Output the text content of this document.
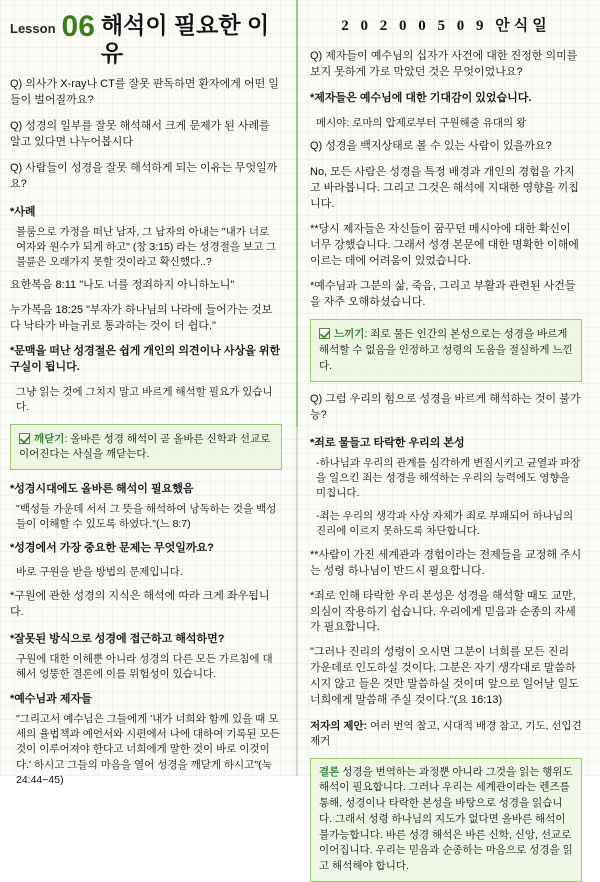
Lesson 06 해석이 필요한 이유

Q) 의사가 X-ray나 CT를 잘못 판독하면 환자에게 어떤 일들이 벌어질까요?

Q) 성경의 일부를 잘못 해석해서 크게 문제가 된 사례를 알고 있다면 나누어봅시다

Q) 사람들이 성경을 잘못 해석하게 되는 이유는 무엇일까요?

*사례

볼룸으로 가정을 떠난 남자, 그 남자의 아내는 "내가 너로 여자와 원수가 되게 하고" (창 3:15) 라는 성경절을 보고 그 불륜은 오래가지 못할 것이라고 확신했다..?

요한복음 8:11 "나도 너를 정죄하지 아니하노니"

누가복음 18:25 "부자가 하나님의 나라에 들어가는 것보다 낙타가 바늘귀로 통과하는 것이 더 쉽다."

*문맥을 떠난 성경절은 쉽게 개인의 의견이나 사상을 위한 구실이 됩니다.

그냥 읽는 것에 그치지 말고 바르게 해석할 필요가 있습니다.

깨닫기: 올바른 성경 해석이 곧 올바른 신학과 선교로 이어진다는 사실을 깨닫는다.

*성경시대에도 올바른 해석이 필요했음

"백성들 가운데 서서 그 뜻을 해석하여 낭독하는 것을 백성들이 이해할 수 있도록 하였다."(느 8:7)

*성경에서 가장 중요한 문제는 무엇일까요?

바로 구원을 받을 방법의 문제입니다.

*구원에 관한 성경의 지식은 해석에 따라 크게 좌우됩니다.

*잘못된 방식으로 성경에 접근하고 해석하면?

구원에 대한 이해뿐 아니라 성경의 다른 모든 가르침에 대해서 엉뚱한 결론에 이를 위험성이 있습니다.

*예수님과 제자들

"그리고서 예수님은 그들에게 '내가 너희와 함께 있을 때 모세의 율법책과 예언서와 시편에서 나에 대하여 기록된 모든 것이 이루어져야 한다고 너희에게 말한 것이 바로 이것이다.' 하시고 그들의 마음을 열어 성경을 깨닫게 하시고"(눅 24:44~45)

2 0 2 0 0 5 0 9 안식일

Q) 제자들이 예수님의 십자가 사건에 대한 진정한 의미를 보지 못하게 가로 막았던 것은 무엇이었나요?

*제자들은 예수님에 대한 기대감이 있었습니다.

메시야: 로마의 압제로부터 구원해줄 유대의 왕

Q) 성경을 백지상태로 볼 수 있는 사람이 있을까요?

No, 모든 사람은 성경을 특정 배경과 개인의 경험을 가지고 바라봅니다. 그리고 그것은 해석에 지대한 영향을 끼칩니다.

**당시 제자들은 자신들이 꿈꾸던 메시아에 대한 확신이 너무 강했습니다. 그래서 성경 본문에 대한 명확한 이해에 이르는 데에 어려움이 있었습니다.

*예수님과 그분의 삶, 죽음, 그리고 부활과 관련된 사건들을 자주 오해하셨습니다.

느끼기: 죄로 물든 인간의 본성으로는 성경을 바르게 해석할 수 없음을 인정하고 성령의 도움을 절실하게 느낀다.

Q) 그럼 우리의 힘으로 성경을 바르게 해석하는 것이 불가능?

*죄로 물들고 타락한 우리의 본성

-하나님과 우리의 관계를 심각하게 변질시키고 균열과 파장을 일으킨 죄는 성경을 해석하는 우리의 능력에도 영향을 미칩니다.

-죄는 우리의 생각과 사상 자체가 죄로 부패되어 하나님의 진리에 이르지 못하도록 차단합니다.

**사람이 가진 세계관과 경험이라는 전제들을 교정해 주시는 성령 하나님이 반드시 필요합니다.

*죄로 인해 타락한 우리 본성은 성경을 해석할 때도 교만, 의심이 작용하기 쉽습니다. 우리에게 믿음과 순종의 자세가 필요합니다.

"그러나 진리의 성령이 오시면 그분이 너희를 모든 진리 가운데로 인도하실 것이다. 그분은 자기 생각대로 말씀하시지 않고 들은 것만 말씀하실 것이며 앞으로 일어날 일도 너희에게 말씀해 주실 것이다."(요 16:13)

저자의 제안: 여러 번역 참고, 시대적 배경 참고, 기도, 선입견제거

결론 성경을 번역하는 과정뿐 아니라 그것을 읽는 행위도 해석이 필요합니다. 그러나 우리는 세계관이라는 렌즈를 통해, 성경이나 타락한 본성을 바탕으로 성경을 읽습니다. 그래서 성령 하나님의 지도가 없다면 올바른 해석이 불가능합니다. 바른 성경 해석은 바른 신학, 신앙, 선교로 이어집니다. 우리는 믿음과 순종하는 마음으로 성경을 읽고 해석해야 합니다.
